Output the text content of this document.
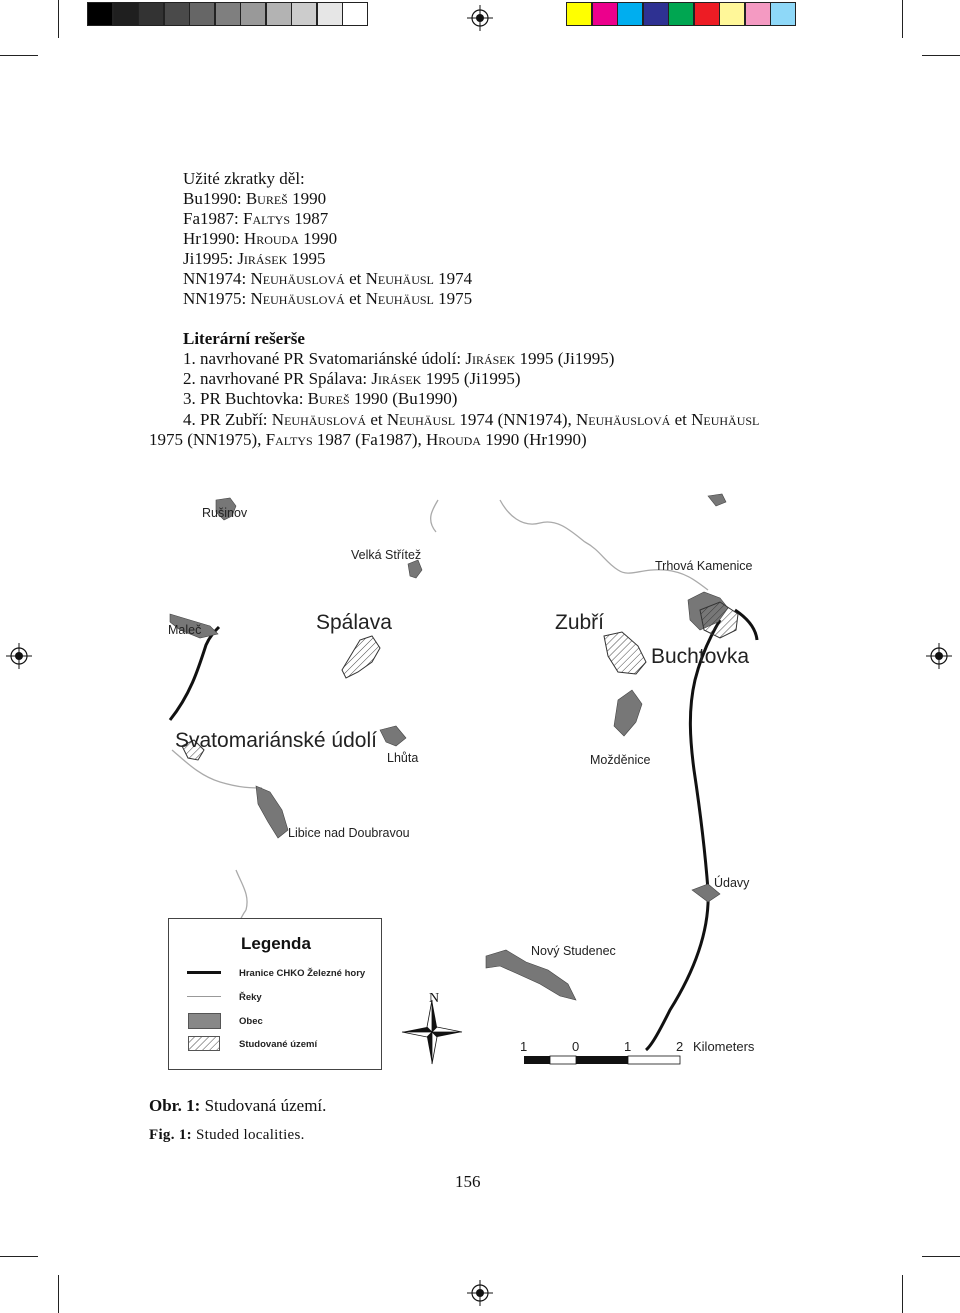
Užité zkratky děl:
Bu1990: Bureš 1990
Fa1987: Faltys 1987
Hr1990: Hrouda 1990
Ji1995: Jirásek 1995
NN1974: Neuhäuslová et Neuhäusl 1974
NN1975: Neuhäuslová et Neuhäusl 1975
Literární rešerše
1. navrhované PR Svatomariánské údolí: Jirásek 1995 (Ji1995)
2. navrhované PR Spálava: Jirásek 1995 (Ji1995)
3. PR Buchtovka: Bureš 1990 (Bu1990)
4. PR Zubří: Neuhäuslová et Neuhäusl 1974 (NN1974), Neuhäuslová et Neuhäusl
1975 (NN1975), Faltys 1987 (Fa1987), Hrouda 1990 (Hr1990)
Rušinov
Velká Střítež
Trhová Kamenice
Maleč	Spálava	Zubří
Buchtovka
Svatomariánské údolí
Lhůta	Možděnice
Libice nad Doubravou
Údavy
Nový Studenec
Legenda
Hranice CHKO Železné hory
Řeky
Obec
Studované území
N
1	0	1	2 Kilometers
Obr. 1: Studovaná území.
Fig. 1: Studed localities.
156
